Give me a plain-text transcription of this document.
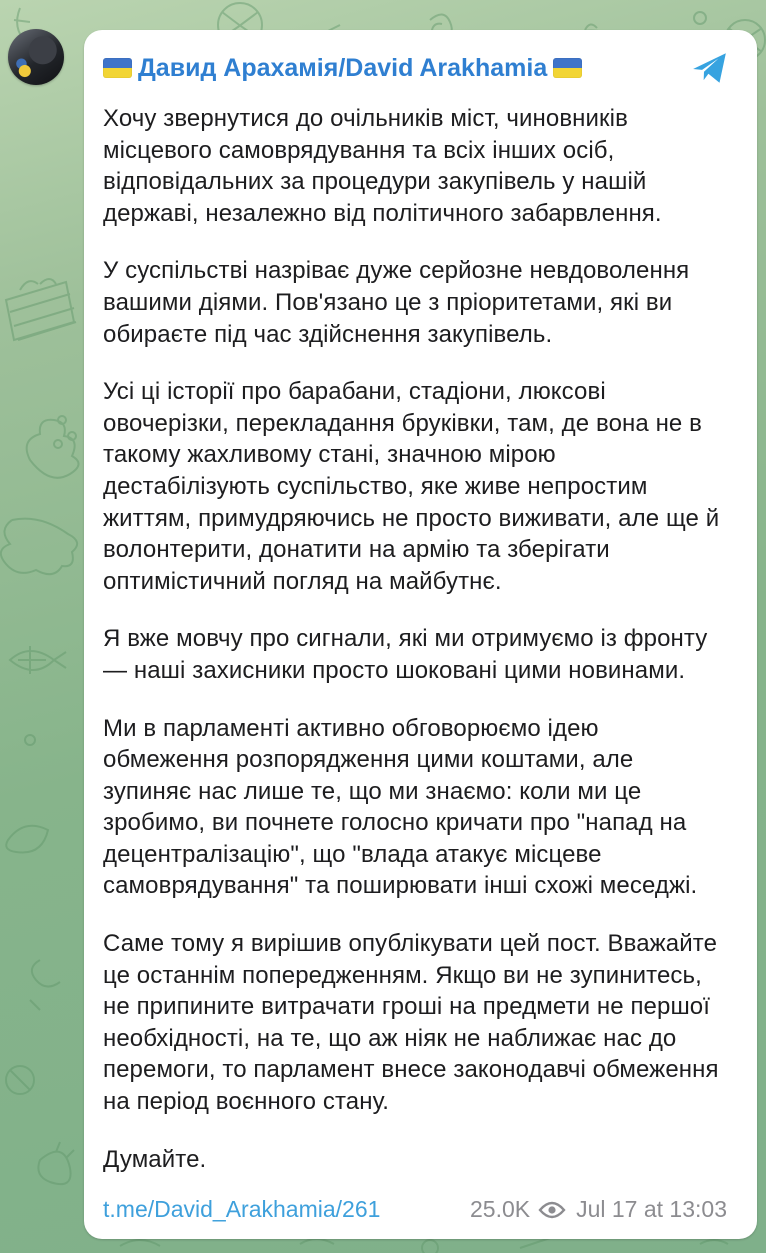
Давид Арахамія/David Arakhamia

Хочу звернутися до очільників міст, чиновників місцевого самоврядування та всіх інших осіб, відповідальних за процедури закупівель у нашій державі, незалежно від політичного забарвлення.

У суспільстві назріває дуже серйозне невдоволення вашими діями. Пов'язано це з пріоритетами, які ви обираєте під час здійснення закупівель.

Усі ці історії про барабани, стадіони, люксові овочерізки, перекладання бруківки, там, де вона не в такому жахливому стані, значною мірою дестабілізують суспільство, яке живе непростим життям, примудряючись не просто виживати, але ще й волонтерити, донатити на армію та зберігати оптимістичний погляд на майбутнє.

Я вже мовчу про сигнали, які ми отримуємо із фронту — наші захисники просто шоковані цими новинами.

Ми в парламенті активно обговорюємо ідею обмеження розпорядження цими коштами, але зупиняє нас лише те, що ми знаємо: коли ми це зробимо, ви почнете голосно кричати про "напад на децентралізацію", що "влада атакує місцеве самоврядування" та поширювати інші схожі меседжі.

Саме тому я вирішив опублікувати цей пост. Вважайте це останнім попередженням. Якщо ви не зупинитесь, не припините витрачати гроші на предмети не першої необхідності, на те, що аж ніяк не наближає нас до перемоги, то парламент внесе законодавчі обмеження на період воєнного стану.

Думайте.

t.me/David_Arakhamia/261	25.0K Jul 17 at 13:03
